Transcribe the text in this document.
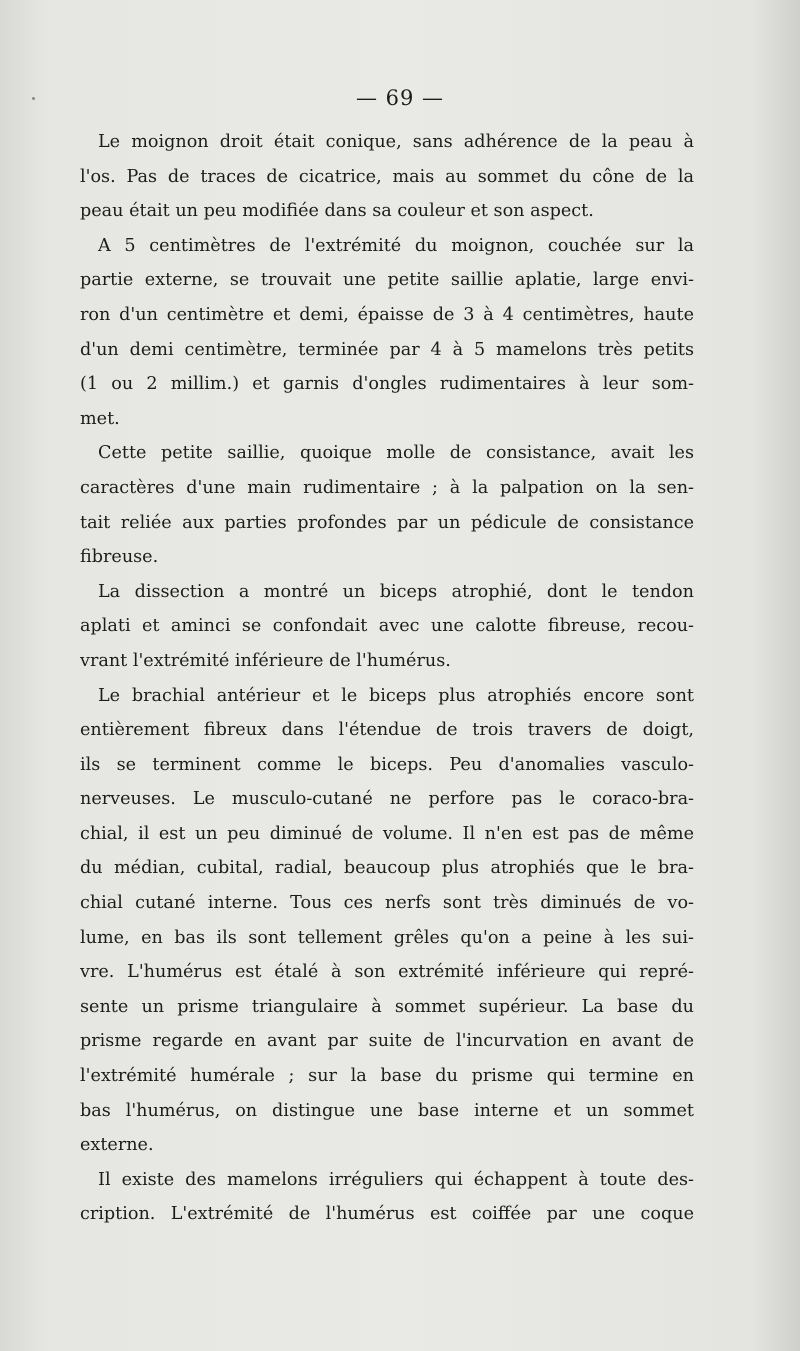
— 69 —
Le moignon droit était conique, sans adhérence de la peau à
l'os. Pas de traces de cicatrice, mais au sommet du cône de la
peau était un peu modifiée dans sa couleur et son aspect.
A 5 centimètres de l'extrémité du moignon, couchée sur la
partie externe, se trouvait une petite saillie aplatie, large envi-
ron d'un centimètre et demi, épaisse de 3 à 4 centimètres, haute
d'un demi centimètre, terminée par 4 à 5 mamelons très petits
(1 ou 2 millim.) et garnis d'ongles rudimentaires à leur som-
met.
Cette petite saillie, quoique molle de consistance, avait les
caractères d'une main rudimentaire ; à la palpation on la sen-
tait reliée aux parties profondes par un pédicule de consistance
fibreuse.
La dissection a montré un biceps atrophié, dont le tendon
aplati et aminci se confondait avec une calotte fibreuse, recou-
vrant l'extrémité inférieure de l'humérus.
Le brachial antérieur et le biceps plus atrophiés encore sont
entièrement fibreux dans l'étendue de trois travers de doigt,
ils se terminent comme le biceps. Peu d'anomalies vasculo-
nerveuses. Le musculo-cutané ne perfore pas le coraco-bra-
chial, il est un peu diminué de volume. Il n'en est pas de même
du médian, cubital, radial, beaucoup plus atrophiés que le bra-
chial cutané interne. Tous ces nerfs sont très diminués de vo-
lume, en bas ils sont tellement grêles qu'on a peine à les sui-
vre. L'humérus est étalé à son extrémité inférieure qui repré-
sente un prisme triangulaire à sommet supérieur. La base du
prisme regarde en avant par suite de l'incurvation en avant de
l'extrémité humérale ; sur la base du prisme qui termine en
bas l'humérus, on distingue une base interne et un sommet
externe.
Il existe des mamelons irréguliers qui échappent à toute des-
cription. L'extrémité de l'humérus est coiffée par une coque
